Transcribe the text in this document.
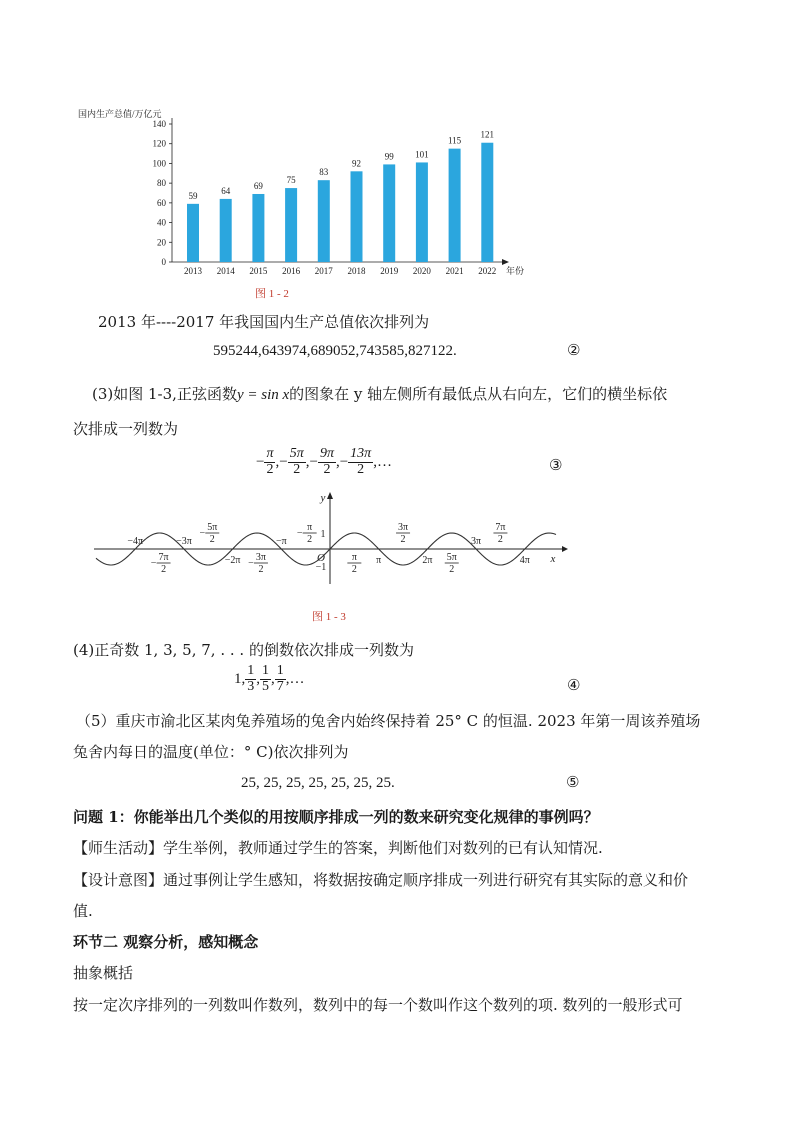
国内生产总值/万亿元
年份
0
20
40
60
80
100
120
140
59
2013
64
2014
69
2015
75
2016
83
2017
92
2018
99
2019
101
2020
115
2021
121
2022
图 1 - 2
2013 年----2017 年我国国内生产总值依次排列为
595244,643974,689052,743585,827122.	②
(3)如图 1-3,正弦函数y = sin x的图象在 y 轴左侧所有最低点从右向左，它们的横坐标依
次排成一列数为
− $\frac{\pi}{2}$ ,− $\frac{5\pi}{2}$ ,− $\frac{9\pi}{2}$ ,− $\frac{13\pi}{2}$ ,…	③
y
x
O
1
−1
−4π	−3π
−
5π
2	−π
−
π
2
3π
2	3π
7π
2
−
7π
2
−2π −
3π
2
π
2
π	2π 5π
2
4π
图 1 - 3
(4)正奇数 1, 3, 5, 7, . . . 的倒数依次排成一列数为
1, $\frac{1}{3}$ , $\frac{1}{5}$ , $\frac{1}{7}$ ,…	④
（5）重庆市渝北区某肉兔养殖场的兔舍内始终保持着 25° C 的恒温. 2023 年第一周该养殖场
兔舍内每日的温度(单位：° C)依次排列为
25, 25, 25, 25, 25, 25, 25.	⑤
问题 1：你能举出几个类似的用按顺序排成一列的数来研究变化规律的事例吗？
【师生活动】学生举例，教师通过学生的答案，判断他们对数列的已有认知情况.
【设计意图】通过事例让学生感知，将数据按确定顺序排成一列进行研究有其实际的意义和价
值.
环节二 观察分析，感知概念
抽象概括
按一定次序排列的一列数叫作数列，数列中的每一个数叫作这个数列的项. 数列的一般形式可
